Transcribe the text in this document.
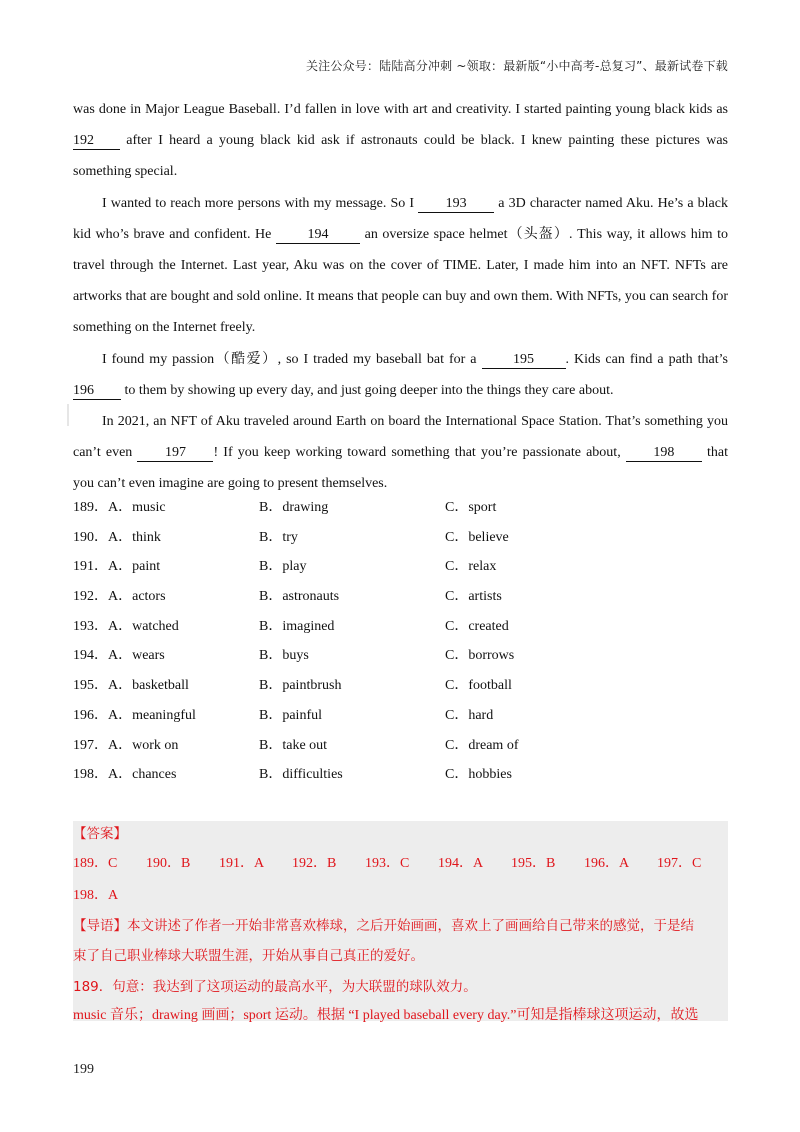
关注公众号：陆陆高分冲刺 ~领取：最新版“小中高考-总复习”、最新试卷下载

was done in Major League Baseball. I’d fallen in love with art and creativity. I started painting young black kids as 192 after I heard a young black kid ask if astronauts could be black. I knew painting these pictures was something special.

I wanted to reach more persons with my message. So I 193 a 3D character named Aku. He’s a black kid who’s brave and confident. He 194 an oversize space helmet（头盔）. This way, it allows him to travel through the Internet. Last year, Aku was on the cover of TIME. Later, I made him into an NFT. NFTs are artworks that are bought and sold online. It means that people can buy and own them. With NFTs, you can search for something on the Internet freely.

I found my passion（酷爱）, so I traded my baseball bat for a 195 . Kids can find a path that’s 196 to them by showing up every day, and just going deeper into the things they care about.

In 2021, an NFT of Aku traveled around Earth on board the International Space Station. That’s something you can’t even 197 ! If you keep working toward something that you’re passionate about, 198 that you can’t even imagine are going to present themselves.

189．A．music	B．drawing	C．sport
190．A．think	B．try	C．believe
191．A．paint	B．play	C．relax
192．A．actors	B．astronauts	C．artists
193．A．watched	B．imagined	C．created
194．A．wears	B．buys	C．borrows
195．A．basketball	B．paintbrush	C．football
196．A．meaningful	B．painful	C．hard
197．A．work on	B．take out	C．dream of
198．A．chances	B．difficulties	C．hobbies
【答案】
189．C 190．B 191．A 192．B 193．C 194．A 195．B 196．A 197．C
198．A
【导语】本文讲述了作者一开始非常喜欢棒球，之后开始画画，喜欢上了画画给自己带来的感觉，于是结
束了自己职业棒球大联盟生涯，开始从事自己真正的爱好。
189．句意：我达到了这项运动的最高水平，为大联盟的球队效力。
music 音乐；drawing 画画；sport 运动。根据 “I played baseball every day.”可知是指棒球这项运动，故选
199
